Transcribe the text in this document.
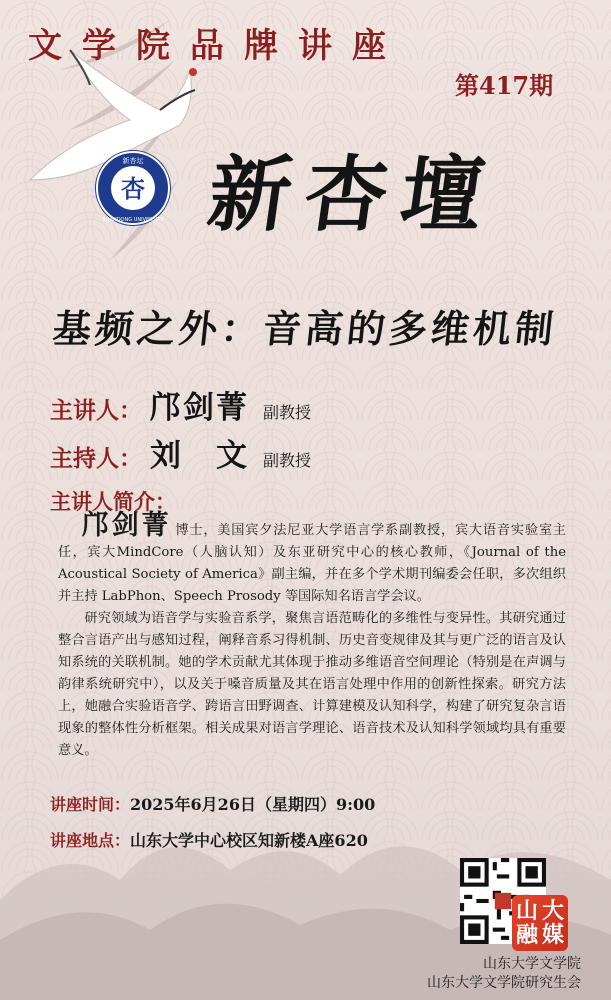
文学院品牌讲座
第417期
杏
新杏坛
SHANDONG UNIVERSITY 新杏壇
基频之外：音高的多维机制
主讲人： 邝剑菁 副教授
主持人： 刘　文 副教授
主讲人简介：

邝剑菁 博士，美国宾夕法尼亚大学语言学系副教授，宾大语音实验室主任，宾大MindCore（人脑认知）及东亚研究中心的核心教师，《Journal of the Acoustical Society of America》副主编，并在多个学术期刊编委会任职，多次组织并主持 LabPhon、Speech Prosody 等国际知名语言学会议。

研究领域为语音学与实验音系学，聚焦言语范畴化的多维性与变异性。其研究通过整合言语产出与感知过程，阐释音系习得机制、历史音变规律及其与更广泛的语言及认知系统的关联机制。她的学术贡献尤其体现于推动多维语音空间理论（特别是在声调与韵律系统研究中），以及关于嗓音质量及其在语言处理中作用的创新性探索。研究方法上，她融合实验语音学、跨语言田野调查、计算建模及认知科学，构建了研究复杂言语现象的整体性分析框架。相关成果对语言学理论、语音技术及认知科学领域均具有重要意义。

讲座时间：2025年6月26日（星期四）9:00
讲座地点：山东大学中心校区知新楼A座620
山 大
融 媒
山东大学文学院
山东大学文学院研究生会
